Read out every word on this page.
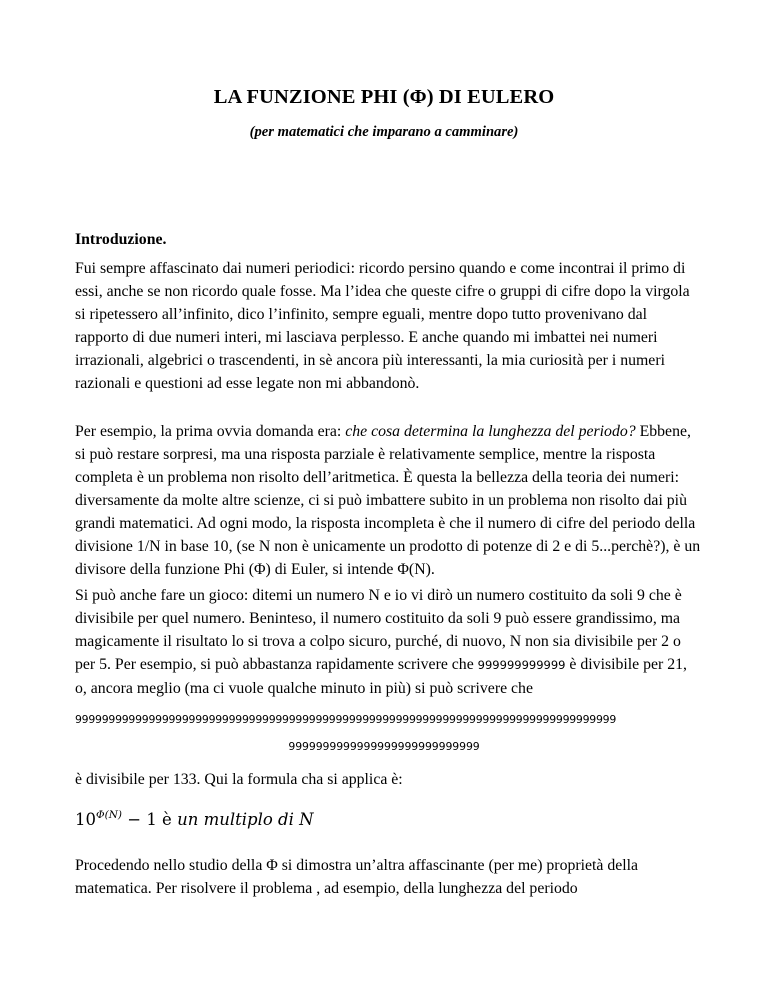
LA FUNZIONE PHI (Φ) DI EULERO
(per matematici che imparano a camminare)
Introduzione.

Fui sempre affascinato dai numeri periodici: ricordo persino quando e come incontrai il primo di essi, anche se non ricordo quale fosse. Ma l’idea che queste cifre o gruppi di cifre dopo la virgola si ripetessero all’infinito, dico l’infinito, sempre eguali, mentre dopo tutto provenivano dal rapporto di due numeri interi, mi lasciava perplesso. E anche quando mi imbattei nei numeri irrazionali, algebrici o trascendenti, in sè ancora più interessanti, la mia curiosità per i numeri razionali e questioni ad esse legate non mi abbandonò.

Per esempio, la prima ovvia domanda era: che cosa determina la lunghezza del periodo? Ebbene, si può restare sorpresi, ma una risposta parziale è relativamente semplice, mentre la risposta completa è un problema non risolto dell’aritmetica. È questa la bellezza della teoria dei numeri: diversamente da molte altre scienze, ci si può imbattere subito in un problema non risolto dai più grandi matematici. Ad ogni modo, la risposta incompleta è che il numero di cifre del periodo della divisione 1/N in base 10, (se N non è unicamente un prodotto di potenze di 2 e di 5...perchè?), è un divisore della funzione Phi (Φ) di Euler, si intende Φ(N).

Si può anche fare un gioco: ditemi un numero N e io vi dirò un numero costituito da soli 9 che è divisibile per quel numero. Beninteso, il numero costituito da soli 9 può essere grandissimo, ma magicamente il risultato lo si trova a colpo sicuro, purché, di nuovo, N non sia divisibile per 2 o per 5. Per esempio, si può abbastanza rapidamente scrivere che 999999999999 è divisibile per 21, o, ancora meglio (ma ci vuole qualche minuto in più) si può scrivere che

999999999999999999999999999999999999999999999999999999999999999999999999999999999
9999999999999999999999999999

è divisibile per 133. Qui la formula cha si applica è:

$10^{\Phi(N)} - 1$ è un multiplo di N

Procedendo nello studio della Φ si dimostra un’altra affascinante (per me) proprietà della matematica. Per risolvere il problema , ad esempio, della lunghezza del periodo
